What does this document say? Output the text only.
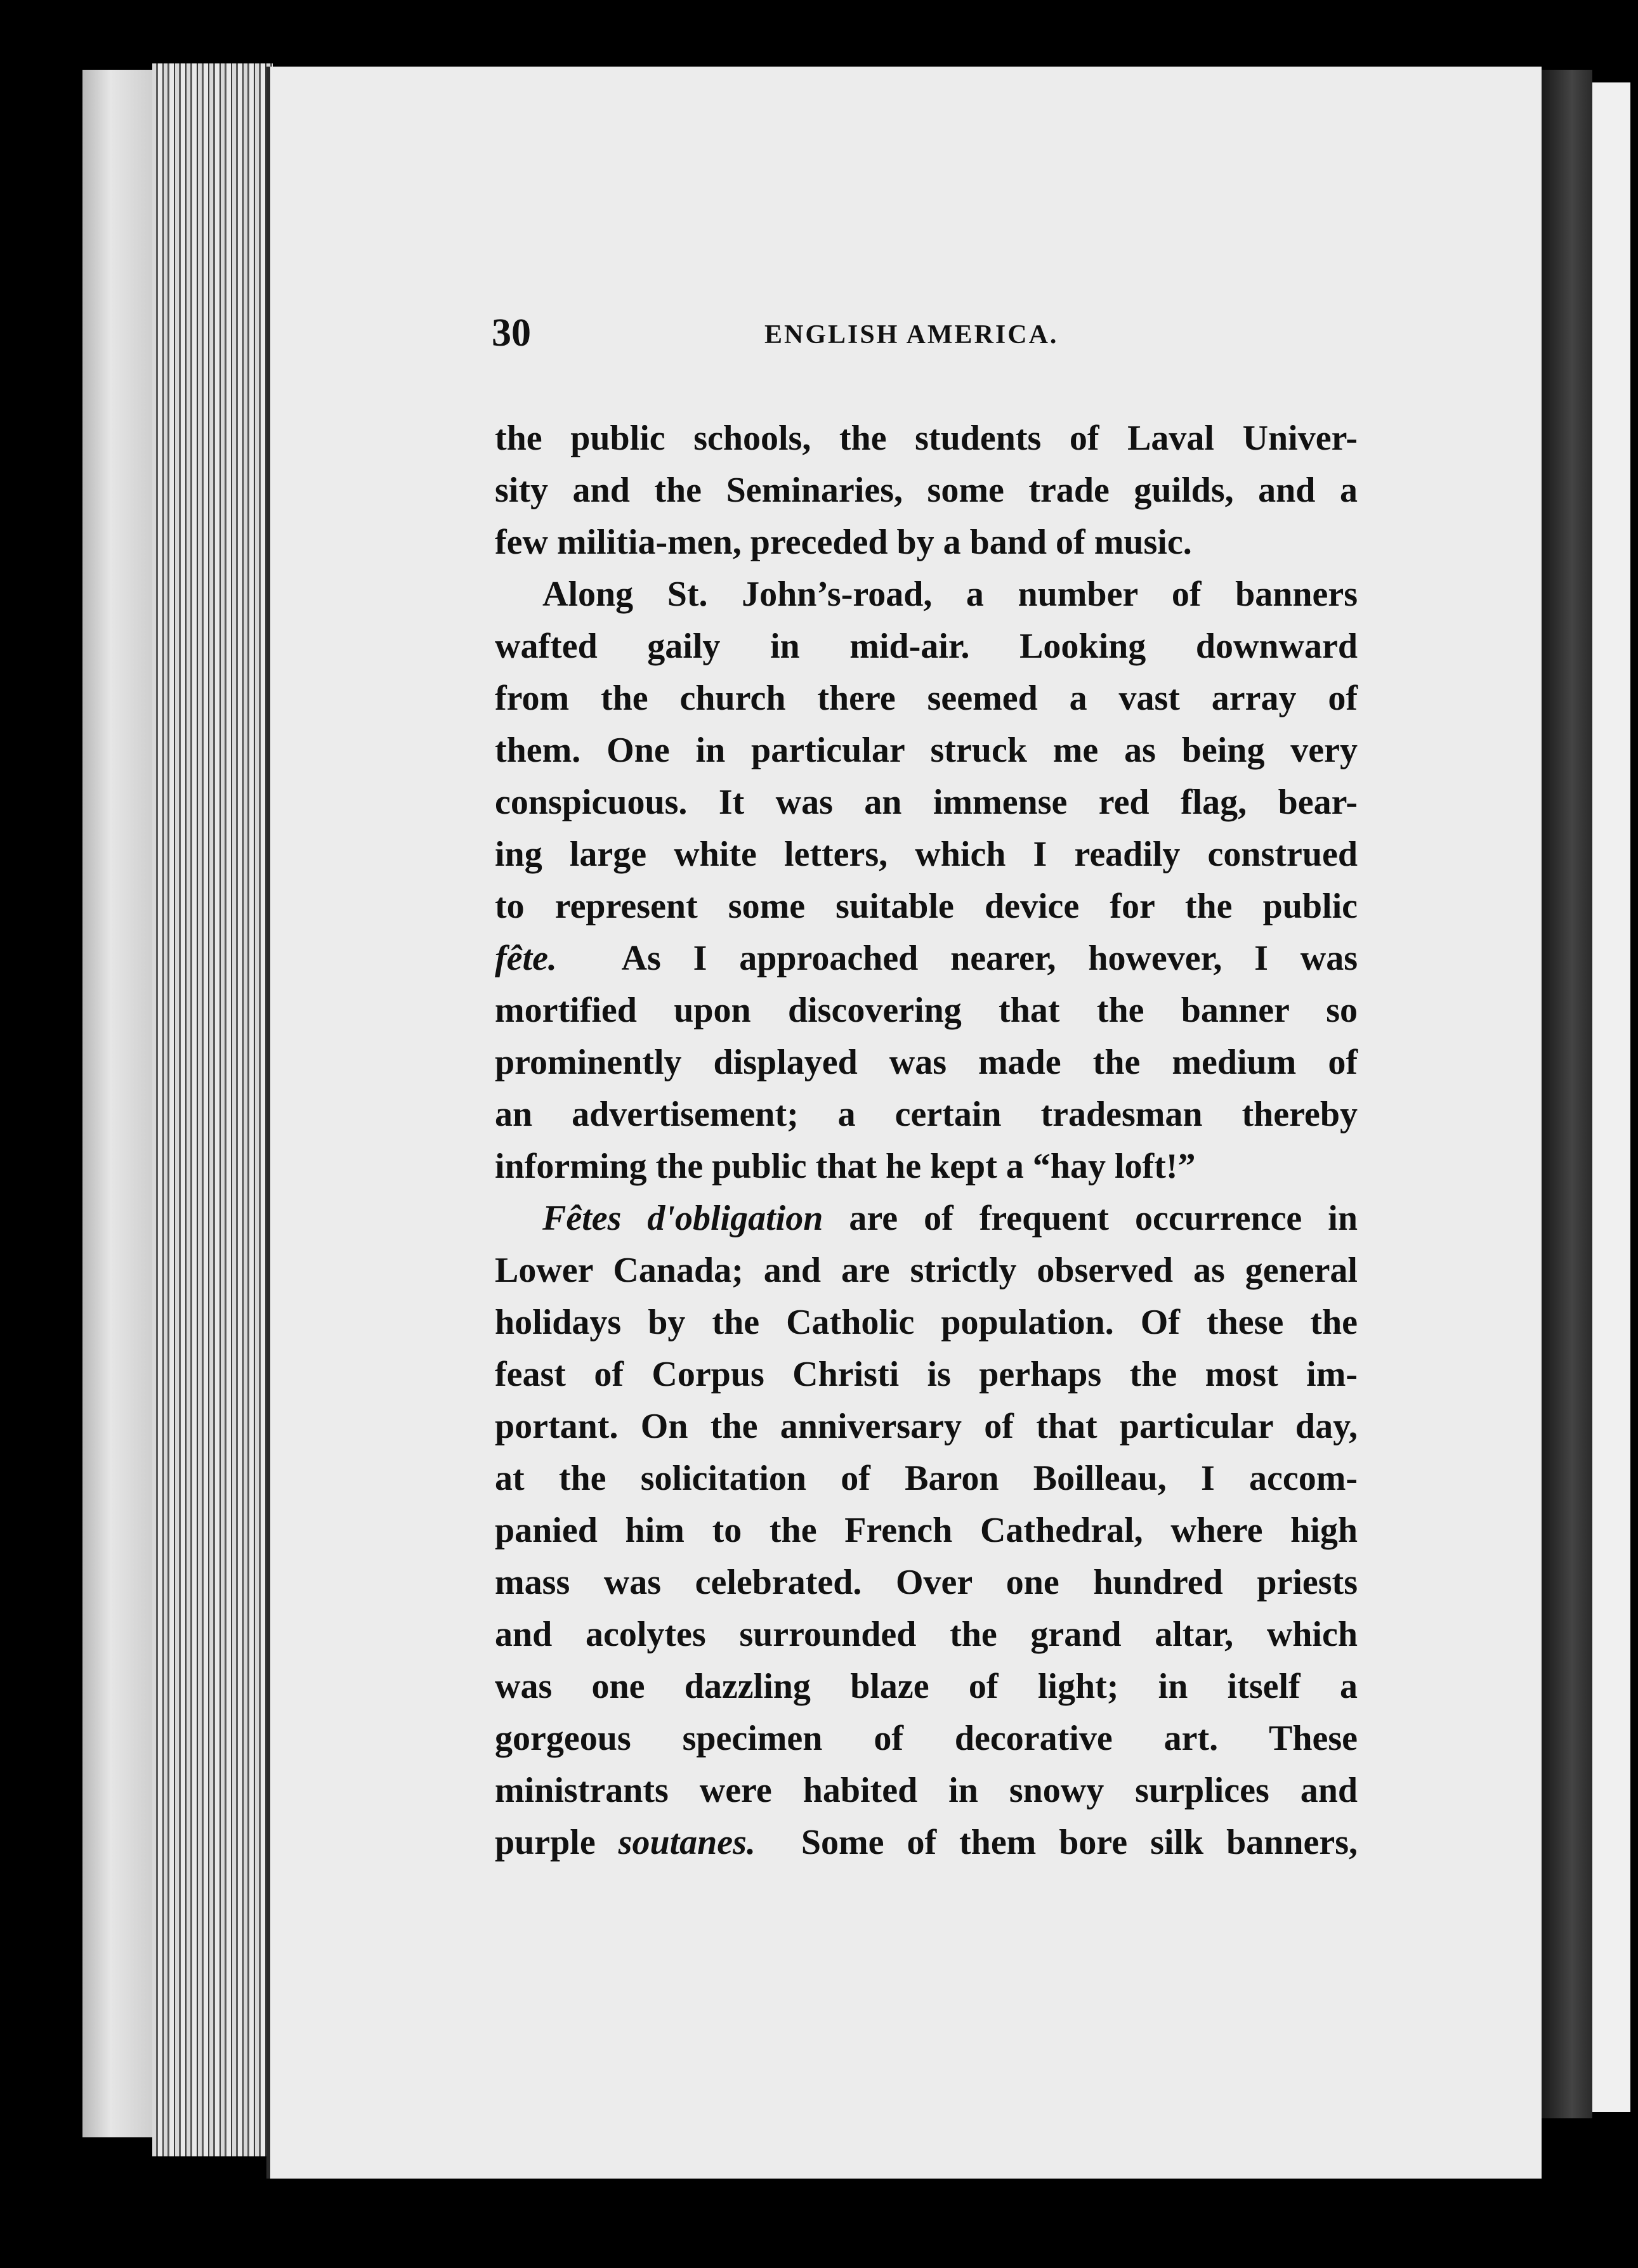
30	ENGLISH AMERICA.
the public schools, the students of Laval Univer-
sity and the Seminaries, some trade guilds, and a
few militia-men, preceded by a band of music.
Along St. John’s-road, a number of banners
wafted gaily in mid-air. Looking downward
from the church there seemed a vast array of
them. One in particular struck me as being very
conspicuous. It was an immense red flag, bear-
ing large white letters, which I readily construed
to represent some suitable device for the public
fête. As I approached nearer, however, I was
mortified upon discovering that the banner so
prominently displayed was made the medium of
an advertisement; a certain tradesman thereby
informing the public that he kept a “hay loft!”
Fêtes d'obligation are of frequent occurrence in
Lower Canada; and are strictly observed as general
holidays by the Catholic population. Of these the
feast of Corpus Christi is perhaps the most im-
portant. On the anniversary of that particular day,
at the solicitation of Baron Boilleau, I accom-
panied him to the French Cathedral, where high
mass was celebrated. Over one hundred priests
and acolytes surrounded the grand altar, which
was one dazzling blaze of light; in itself a
gorgeous specimen of decorative art. These
ministrants were habited in snowy surplices and
purple soutanes. Some of them bore silk banners,
